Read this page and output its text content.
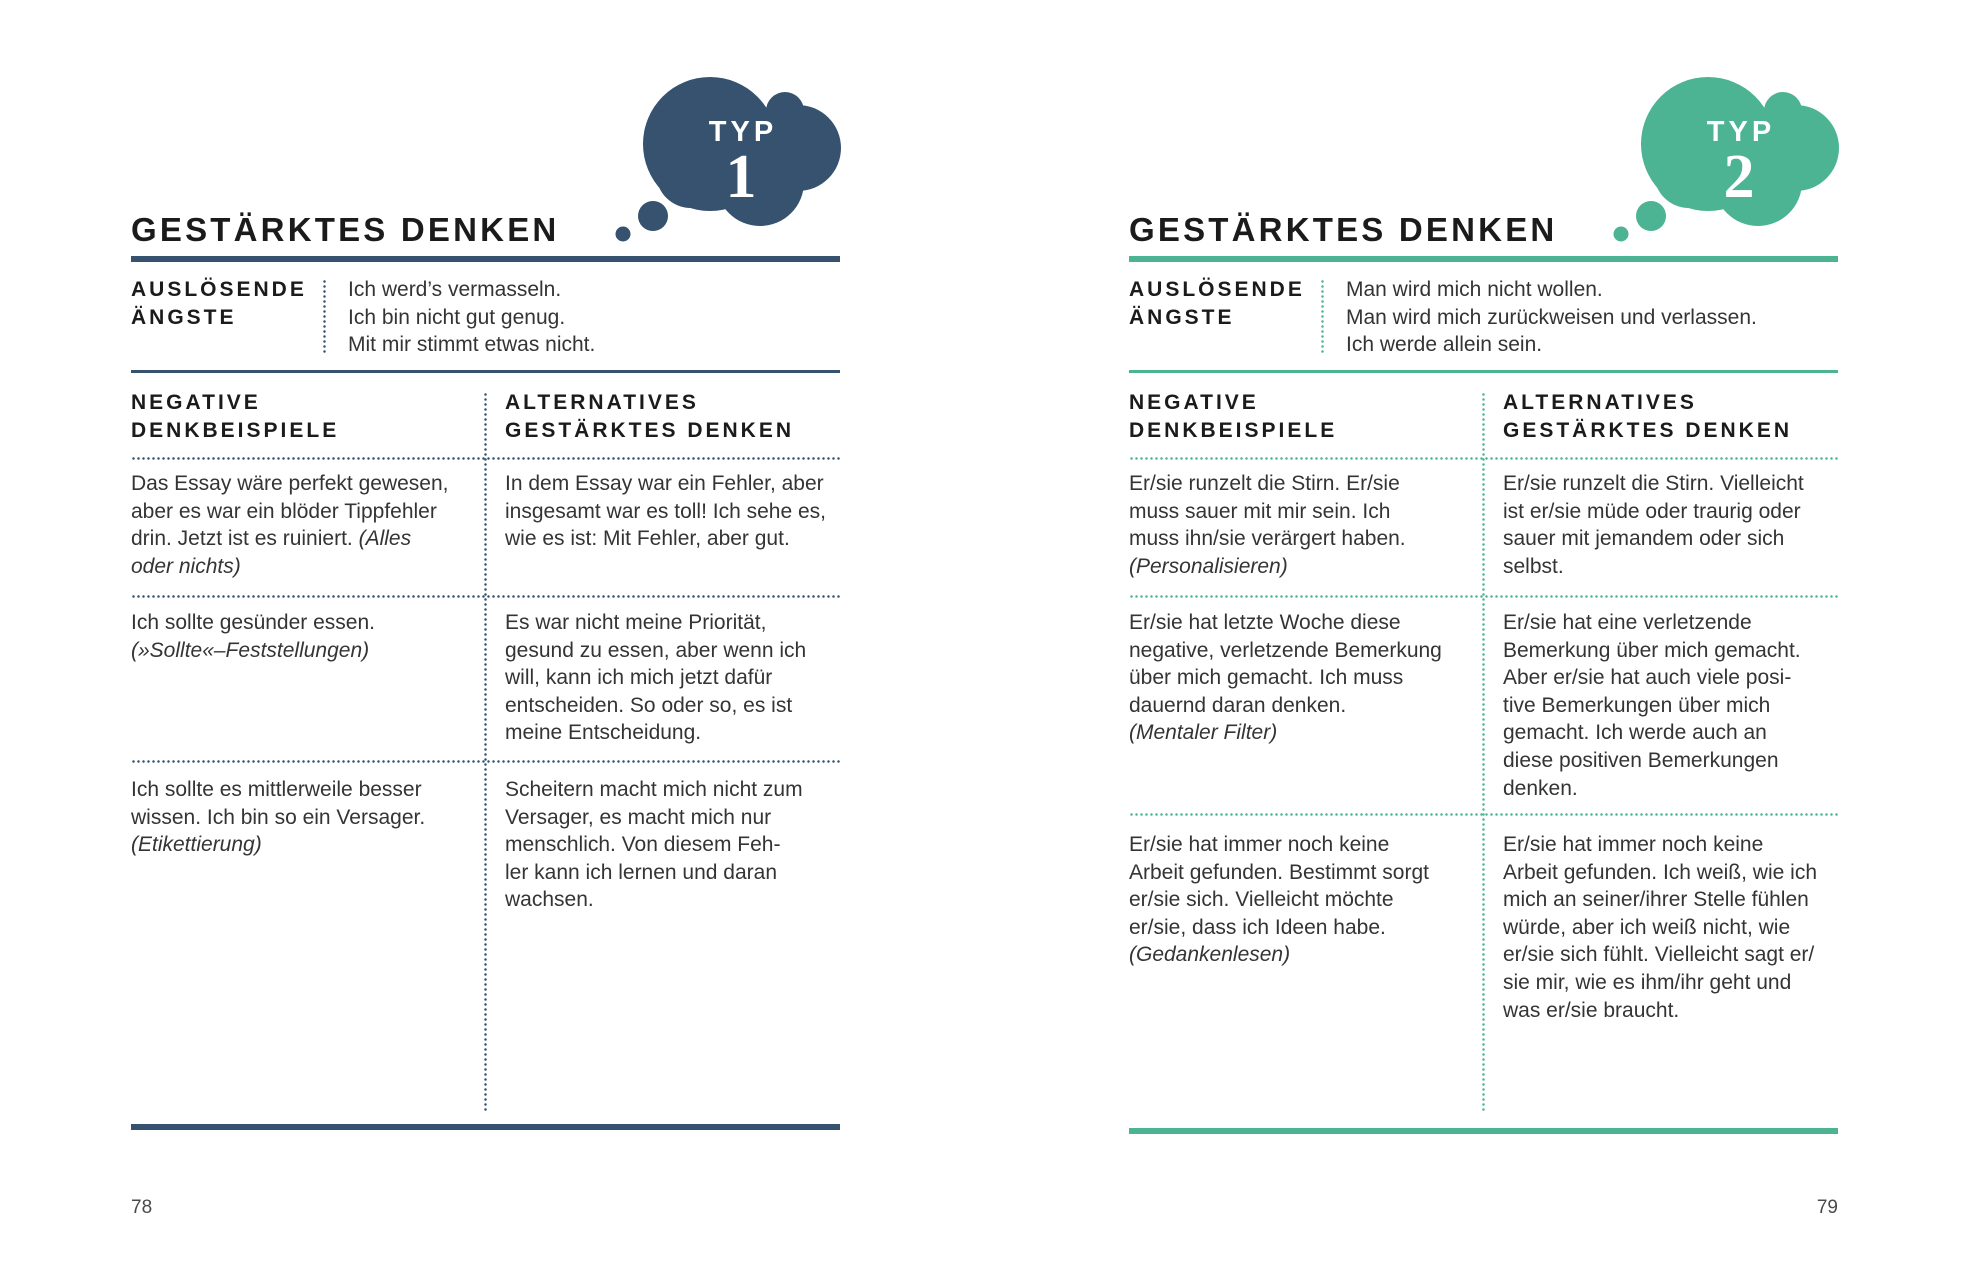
TYP
1
GESTÄRKTES DENKEN
AUSLÖSENDE
ÄNGSTE
Ich werd’s vermasseln.
Ich bin nicht gut genug.
Mit mir stimmt etwas nicht.
NEGATIVE
DENKBEISPIELE
ALTERNATIVES
GESTÄRKTES DENKEN
Das Essay wäre perfekt gewesen,
aber es war ein blöder Tippfehler
drin. Jetzt ist es ruiniert. (Alles
oder nichts)
In dem Essay war ein Fehler, aber
insgesamt war es toll! Ich sehe es,
wie es ist: Mit Fehler, aber gut.
Ich sollte gesünder essen.
(»Sollte«–Feststellungen)
Es war nicht meine Priorität,
gesund zu essen, aber wenn ich
will, kann ich mich jetzt dafür
entscheiden. So oder so, es ist
meine Entscheidung.
Ich sollte es mittlerweile besser
wissen. Ich bin so ein Versager.
(Etikettierung)
Scheitern macht mich nicht zum
Versager, es macht mich nur
menschlich. Von diesem Feh-
ler kann ich lernen und daran
wachsen.
78
TYP
2
GESTÄRKTES DENKEN
AUSLÖSENDE
ÄNGSTE
Man wird mich nicht wollen.
Man wird mich zurückweisen und verlassen.
Ich werde allein sein.
NEGATIVE
DENKBEISPIELE
ALTERNATIVES
GESTÄRKTES DENKEN
Er/sie runzelt die Stirn. Er/sie
muss sauer mit mir sein. Ich
muss ihn/sie verärgert haben.
(Personalisieren)
Er/sie runzelt die Stirn. Vielleicht
ist er/sie müde oder traurig oder
sauer mit jemandem oder sich
selbst.
Er/sie hat letzte Woche diese
negative, verletzende Bemerkung
über mich gemacht. Ich muss
dauernd daran denken.
(Mentaler Filter)
Er/sie hat eine verletzende
Bemerkung über mich gemacht.
Aber er/sie hat auch viele posi-
tive Bemerkungen über mich
gemacht. Ich werde auch an
diese positiven Bemerkungen
denken.
Er/sie hat immer noch keine
Arbeit gefunden. Bestimmt sorgt
er/sie sich. Vielleicht möchte
er/sie, dass ich Ideen habe.
(Gedankenlesen)
Er/sie hat immer noch keine
Arbeit gefunden. Ich weiß, wie ich
mich an seiner/ihrer Stelle fühlen
würde, aber ich weiß nicht, wie
er/sie sich fühlt. Vielleicht sagt er/
sie mir, wie es ihm/ihr geht und
was er/sie braucht.
79
